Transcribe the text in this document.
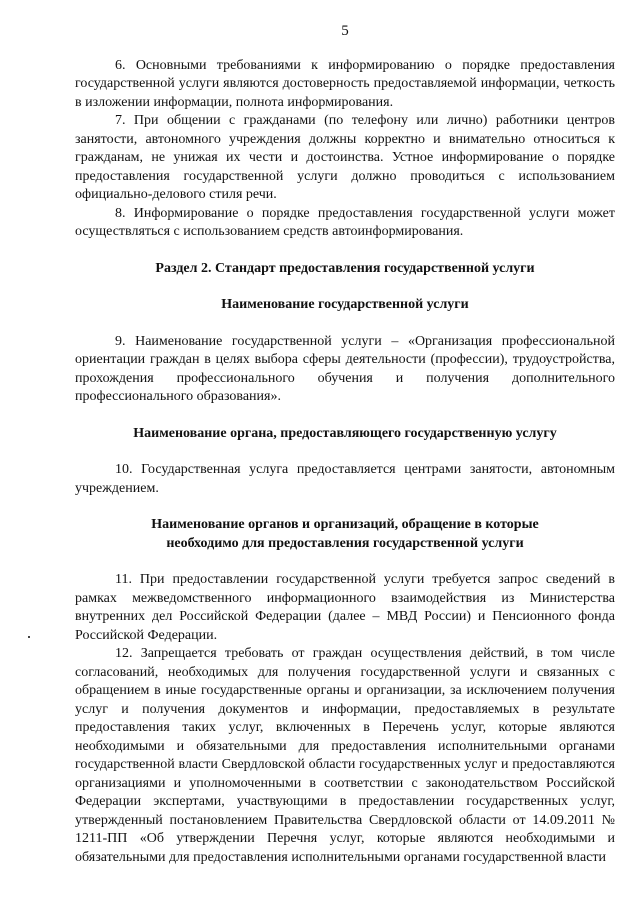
5

6. Основными требованиями к информированию о порядке предоставления государственной услуги являются достоверность предоставляемой информации, четкость в изложении информации, полнота информирования.

7. При общении с гражданами (по телефону или лично) работники центров занятости, автономного учреждения должны корректно и внимательно относиться к гражданам, не унижая их чести и достоинства. Устное информирование о порядке предоставления государственной услуги должно проводиться с использованием официально-делового стиля речи.

8. Информирование о порядке предоставления государственной услуги может осуществляться с использованием средств автоинформирования.

Раздел 2. Стандарт предоставления государственной услуги

Наименование государственной услуги

9. Наименование государственной услуги – «Организация профессиональной ориентации граждан в целях выбора сферы деятельности (профессии), трудоустройства, прохождения профессионального обучения и получения дополнительного профессионального образования».

Наименование органа, предоставляющего государственную услугу

10. Государственная услуга предоставляется центрами занятости, автономным учреждением.

Наименование органов и организаций, обращение в которые

необходимо для предоставления государственной услуги

11. При предоставлении государственной услуги требуется запрос сведений в рамках межведомственного информационного взаимодействия из Министерства внутренних дел Российской Федерации (далее – МВД России) и Пенсионного фонда Российской Федерации.

12. Запрещается требовать от граждан осуществления действий, в том числе согласований, необходимых для получения государственной услуги и связанных с обращением в иные государственные органы и организации, за исключением получения услуг и получения документов и информации, предоставляемых в результате предоставления таких услуг, включенных в Перечень услуг, которые являются необходимыми и обязательными для предоставления исполнительными органами государственной власти Свердловской области государственных услуг и предоставляются организациями и уполномоченными в соответствии с законодательством Российской Федерации экспертами, участвующими в предоставлении государственных услуг, утвержденный постановлением Правительства Свердловской области от 14.09.2011 № 1211-ПП «Об утверждении Перечня услуг, которые являются необходимыми и обязательными для предоставления исполнительными органами государственной власти
